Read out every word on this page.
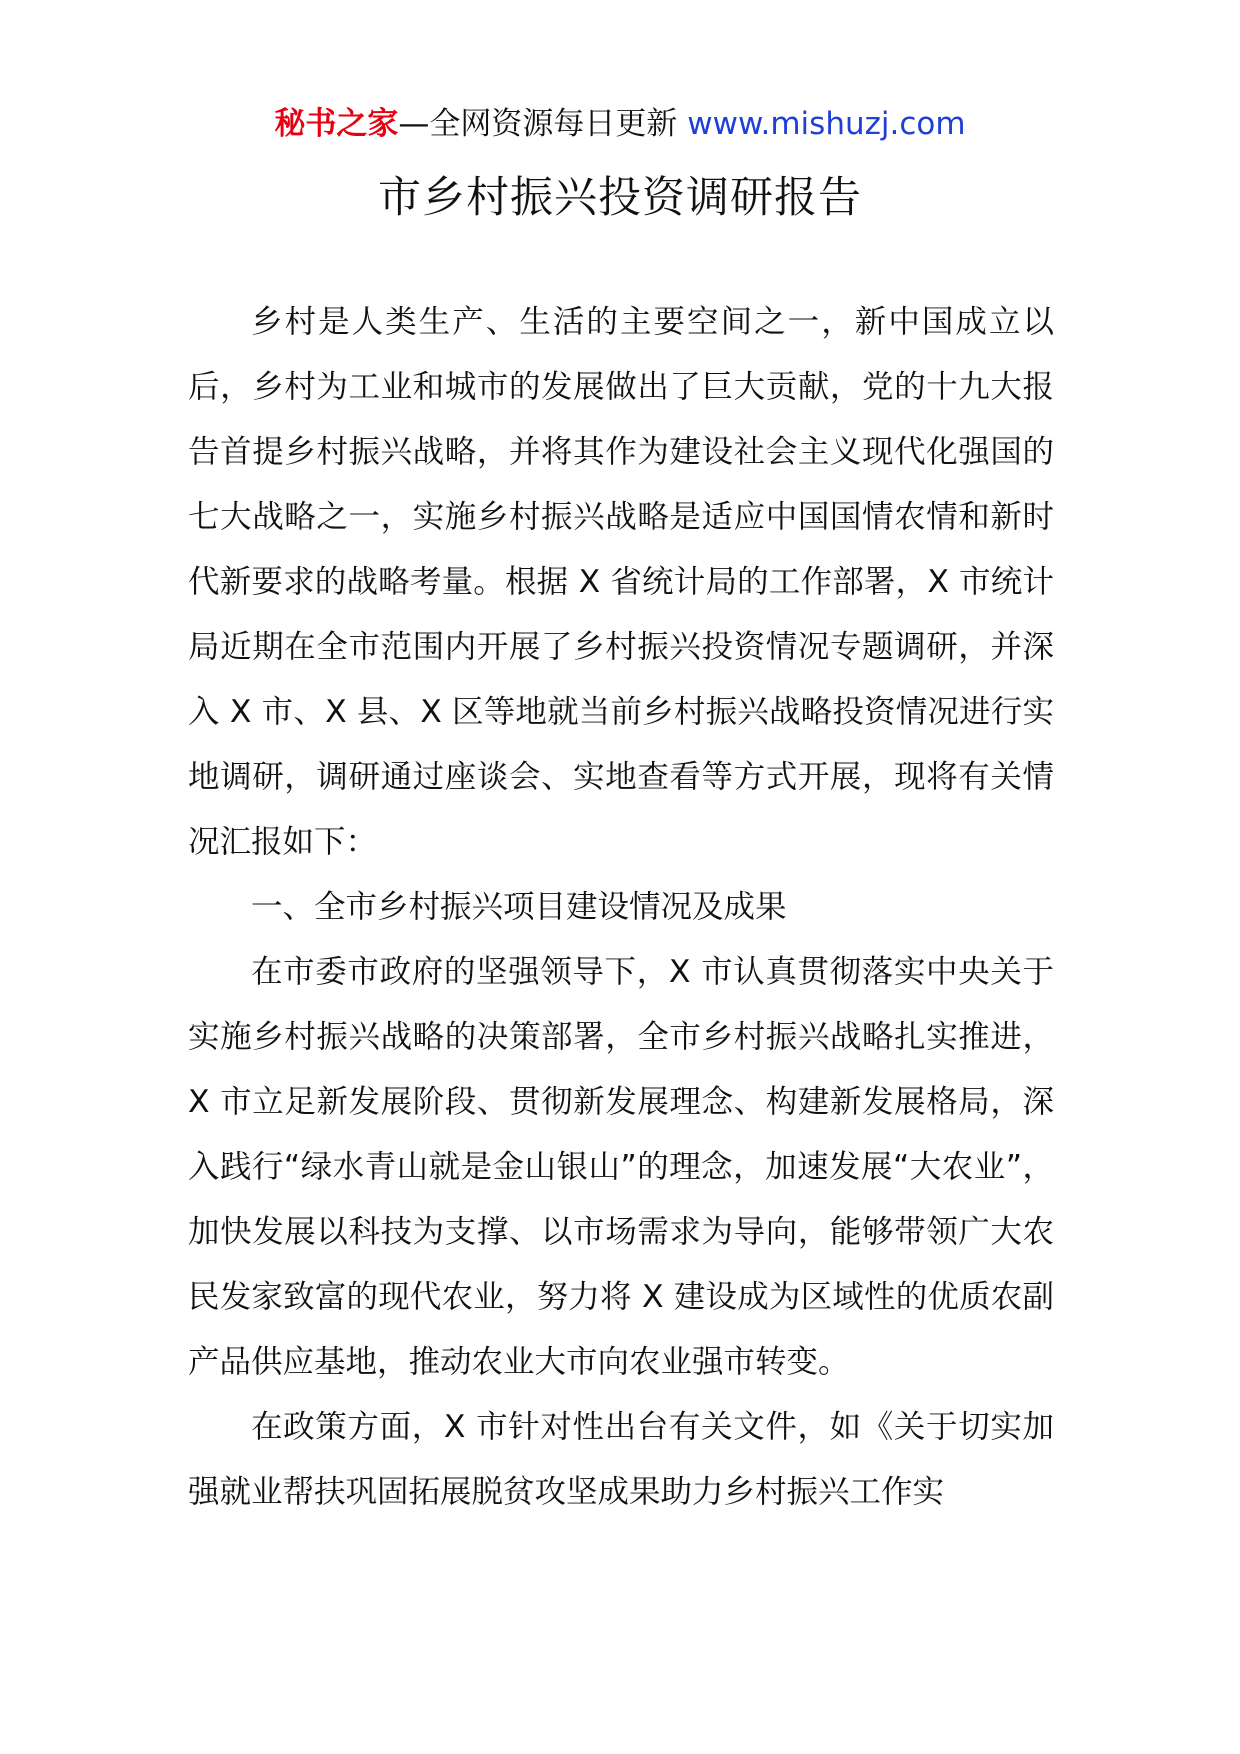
秘书之家—全网资源每日更新 www.mishuzj.com
市乡村振兴投资调研报告

乡村是人类生产、生活的主要空间之一，新中国成立以后，乡村为工业和城市的发展做出了巨大贡献，党的十九大报告首提乡村振兴战略，并将其作为建设社会主义现代化强国的七大战略之一，实施乡村振兴战略是适应中国国情农情和新时代新要求的战略考量。根据 X 省统计局的工作部署，X 市统计局近期在全市范围内开展了乡村振兴投资情况专题调研，并深入 X 市、X 县、X 区等地就当前乡村振兴战略投资情况进行实地调研，调研通过座谈会、实地查看等方式开展，现将有关情况汇报如下：

一、全市乡村振兴项目建设情况及成果

在市委市政府的坚强领导下，X 市认真贯彻落实中央关于实施乡村振兴战略的决策部署，全市乡村振兴战略扎实推进，X 市立足新发展阶段、贯彻新发展理念、构建新发展格局，深入践行“绿水青山就是金山银山”的理念，加速发展“大农业”，加快发展以科技为支撑、以市场需求为导向，能够带领广大农民发家致富的现代农业，努力将 X 建设成为区域性的优质农副产品供应基地，推动农业大市向农业强市转变。

在政策方面，X 市针对性出台有关文件，如《关于切实加强就业帮扶巩固拓展脱贫攻坚成果助力乡村振兴工作实
